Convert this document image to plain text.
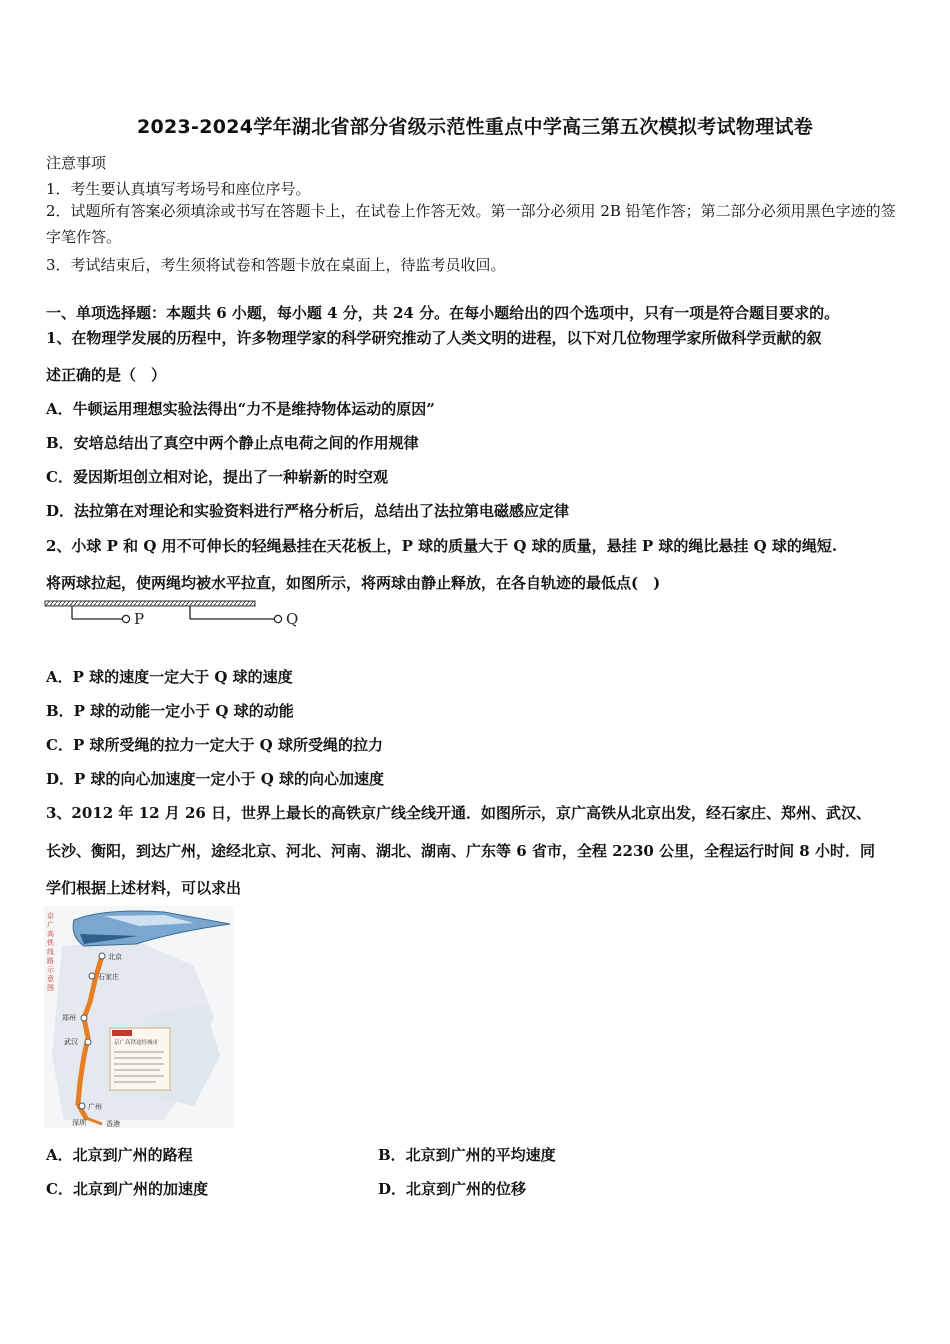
2023-2024学年湖北省部分省级示范性重点中学高三第五次模拟考试物理试卷
注意事项
1．考生要认真填写考场号和座位序号。
2．试题所有答案必须填涂或书写在答题卡上，在试卷上作答无效。第一部分必须用 2B 铅笔作答；第二部分必须用黑色字迹的签字笔作答。
3．考试结束后，考生须将试卷和答题卡放在桌面上，待监考员收回。
一、单项选择题：本题共 6 小题，每小题 4 分，共 24 分。在每小题给出的四个选项中，只有一项是符合题目要求的。
1、在物理学发展的历程中，许多物理学家的科学研究推动了人类文明的进程，以下对几位物理学家所做科学贡献的叙
述正确的是（　）
A．牛顿运用理想实验法得出“力不是维持物体运动的原因”
B．安培总结出了真空中两个静止点电荷之间的作用规律
C．爱因斯坦创立相对论，提出了一种崭新的时空观
D．法拉第在对理论和实验资料进行严格分析后，总结出了法拉第电磁感应定律
2、小球 P 和 Q 用不可伸长的轻绳悬挂在天花板上，P 球的质量大于 Q 球的质量，悬挂 P 球的绳比悬挂 Q 球的绳短.
将两球拉起，使两绳均被水平拉直，如图所示，将两球由静止释放，在各自轨迹的最低点(　)
P	Q
A．P 球的速度一定大于 Q 球的速度
B．P 球的动能一定小于 Q 球的动能
C．P 球所受绳的拉力一定大于 Q 球所受绳的拉力
D．P 球的向心加速度一定小于 Q 球的向心加速度
3、2012 年 12 月 26 日，世界上最长的高铁京广线全线开通．如图所示，京广高铁从北京出发，经石家庄、郑州、武汉、
长沙、衡阳，到达广州，途经北京、河北、河南、湖北、湖南、广东等 6 省市，全程 2230 公里，全程运行时间 8 小时．同
学们根据上述材料，可以求出
京
广
高
铁
线
路
示
意
图
北京
石家庄
郑州
武汉
广州
深圳	香港
京广高铁途经城市
A．北京到广州的路程	B．北京到广州的平均速度
C．北京到广州的加速度	D．北京到广州的位移
